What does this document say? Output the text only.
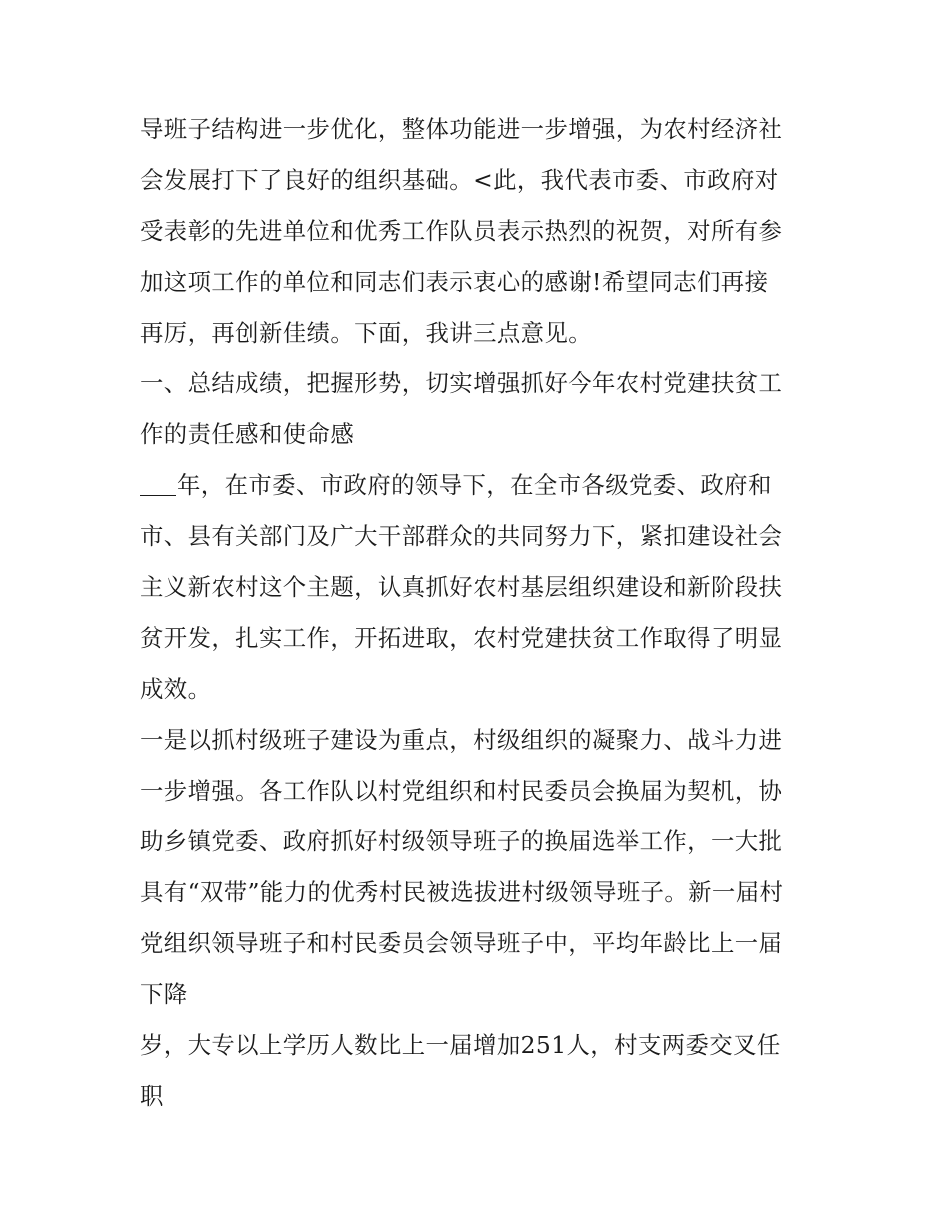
导班子结构进一步优化，整体功能进一步增强，为农村经济社
会发展打下了良好的组织基础。<此，我代表市委、市政府对
受表彰的先进单位和优秀工作队员表示热烈的祝贺，对所有参
加这项工作的单位和同志们表示衷心的感谢!希望同志们再接
再厉，再创新佳绩。下面，我讲三点意见。
一、总结成绩，把握形势，切实增强抓好今年农村党建扶贫工
作的责任感和使命感
年，在市委、市政府的领导下，在全市各级党委、政府和
市、县有关部门及广大干部群众的共同努力下，紧扣建设社会
主义新农村这个主题，认真抓好农村基层组织建设和新阶段扶
贫开发，扎实工作，开拓进取，农村党建扶贫工作取得了明显
成效。
一是以抓村级班子建设为重点，村级组织的凝聚力、战斗力进
一步增强。各工作队以村党组织和村民委员会换届为契机，协
助乡镇党委、政府抓好村级领导班子的换届选举工作，一大批
具有“双带”能力的优秀村民被选拔进村级领导班子。新一届村
党组织领导班子和村民委员会领导班子中，平均年龄比上一届
下降
岁，大专以上学历人数比上一届增加251人，村支两委交叉任
职
